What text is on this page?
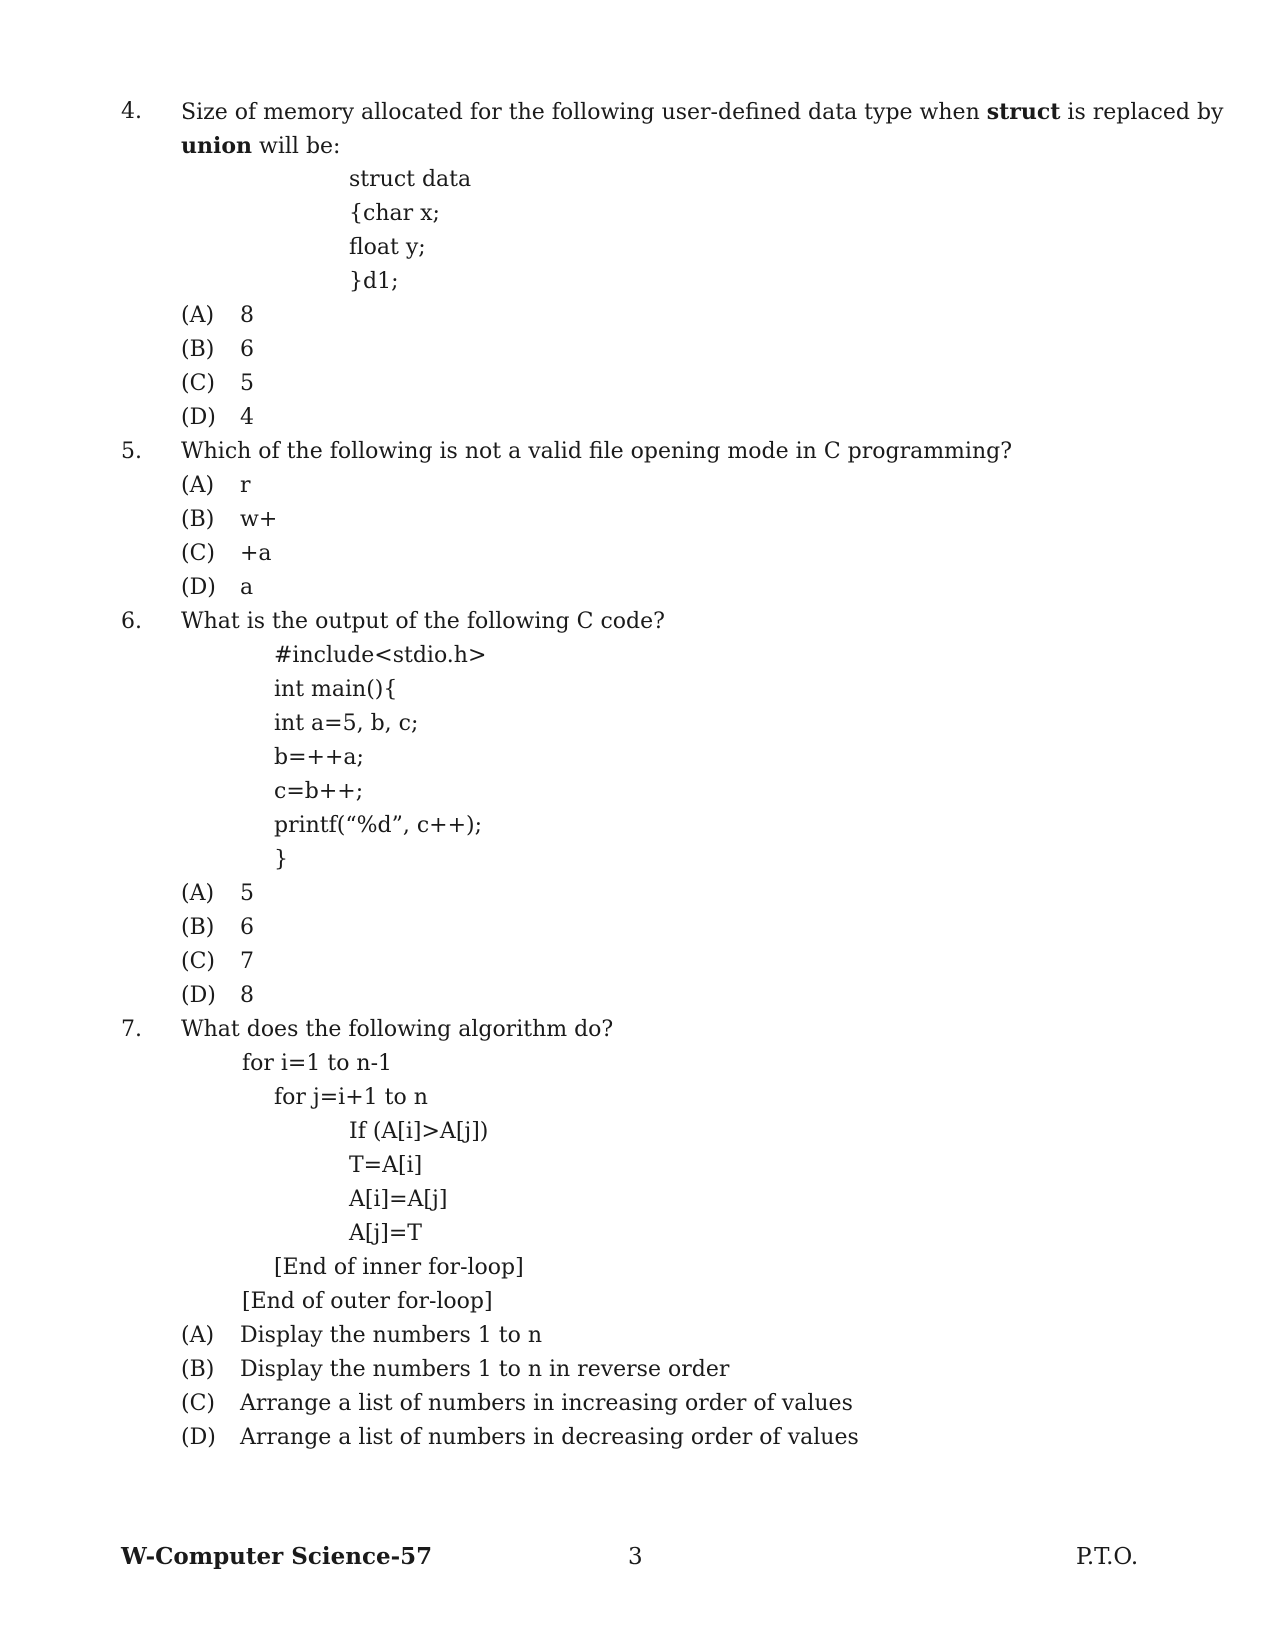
4. Size of memory allocated for the following user-defined data type when struct is replaced by
union will be:
struct data
{char x;
float y;
}d1;
(A) 8
(B) 6
(C) 5
(D) 4
5. Which of the following is not a valid file opening mode in C programming?
(A) r
(B) w+
(C) +a
(D) a
6. What is the output of the following C code?
#include<stdio.h>
int main(){
int a=5, b, c;
b=++a;
c=b++;
printf(“%d”, c++);
}
(A) 5
(B) 6
(C) 7
(D) 8
7. What does the following algorithm do?
for i=1 to n-1
for j=i+1 to n
If (A[i]>A[j])
T=A[i]
A[i]=A[j]
A[j]=T
[End of inner for-loop]
[End of outer for-loop]
(A) Display the numbers 1 to n
(B) Display the numbers 1 to n in reverse order
(C) Arrange a list of numbers in increasing order of values
(D) Arrange a list of numbers in decreasing order of values
W-Computer Science-57	3	P.T.O.
